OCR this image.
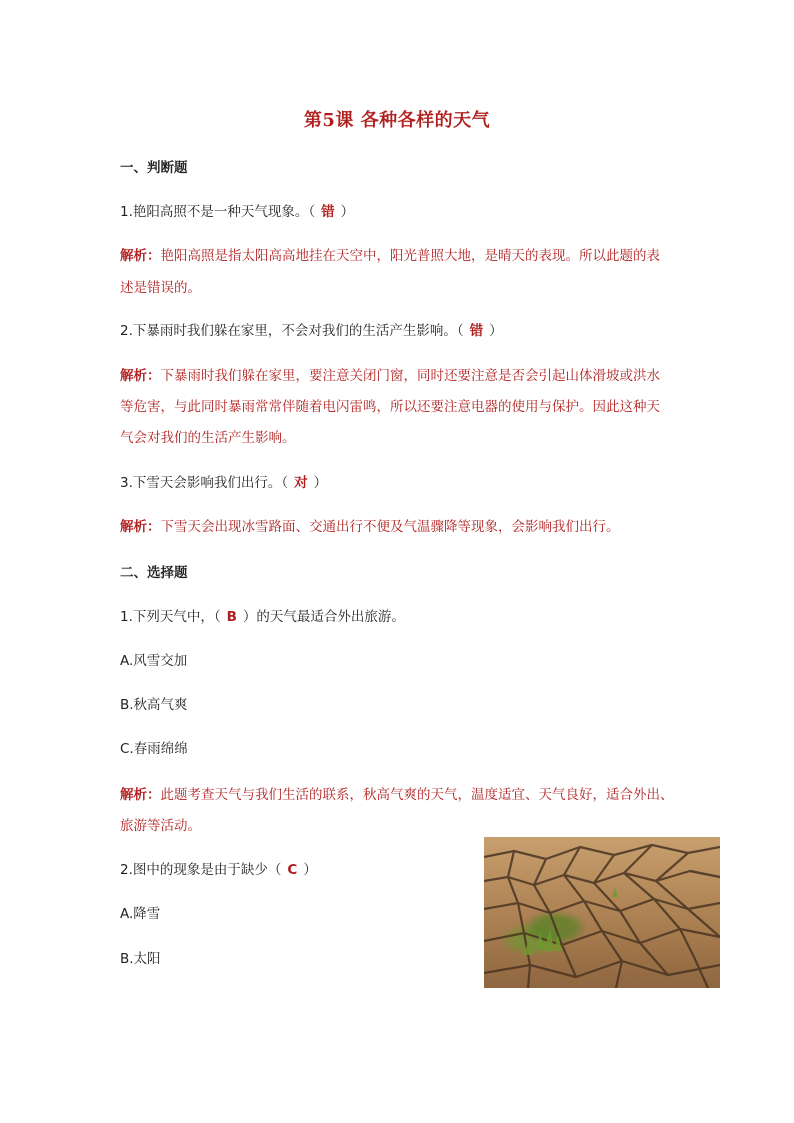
第5课 各种各样的天气
一、判断题
1.艳阳高照不是一种天气现象。（ 错 ）
解析：艳阳高照是指太阳高高地挂在天空中，阳光普照大地，是晴天的表现。所以此题的表
述是错误的。
2.下暴雨时我们躲在家里，不会对我们的生活产生影响。（ 错 ）
解析：下暴雨时我们躲在家里，要注意关闭门窗，同时还要注意是否会引起山体滑坡或洪水
等危害，与此同时暴雨常常伴随着电闪雷鸣，所以还要注意电器的使用与保护。因此这种天
气会对我们的生活产生影响。
3.下雪天会影响我们出行。（ 对 ）
解析：下雪天会出现冰雪路面、交通出行不便及气温骤降等现象，会影响我们出行。
二、选择题
1.下列天气中，（ B ）的天气最适合外出旅游。
A.风雪交加
B.秋高气爽
C.春雨绵绵
解析：此题考查天气与我们生活的联系，秋高气爽的天气，温度适宜、天气良好，适合外出、
旅游等活动。
2.图中的现象是由于缺少（ C ）
A.降雪
B.太阳
